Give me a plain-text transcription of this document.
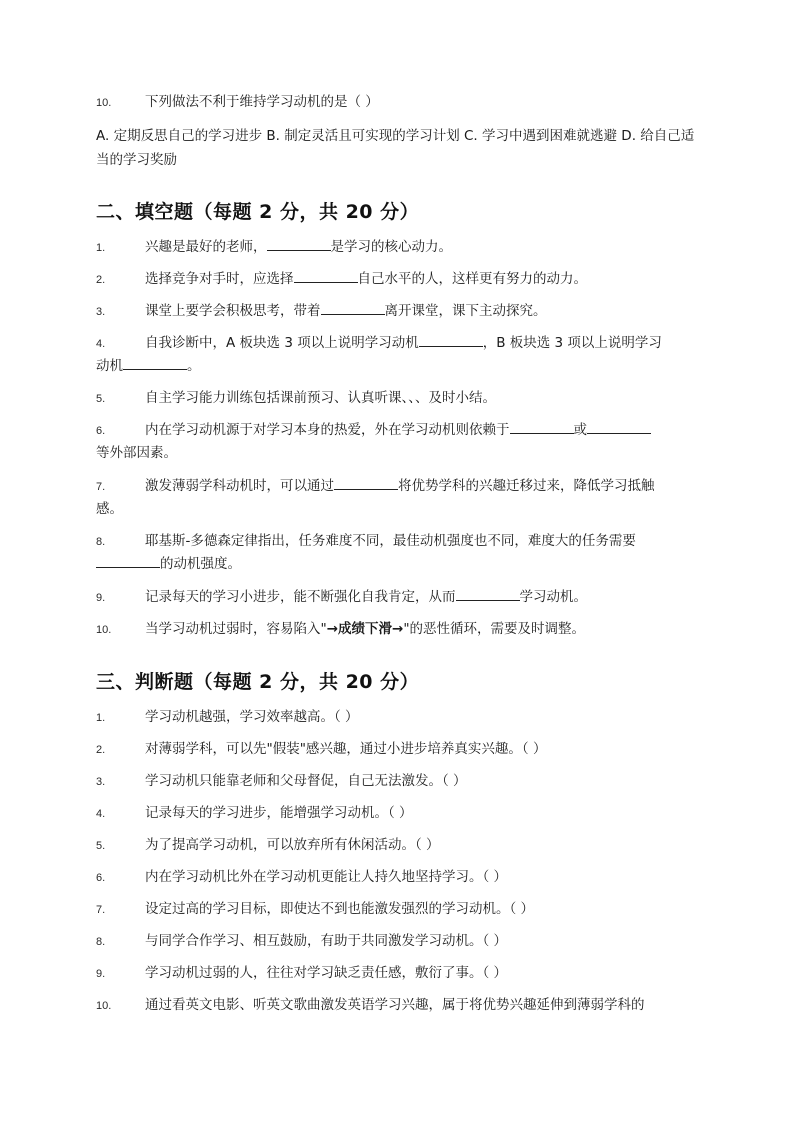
10. 下列做法不利于维持学习动机的是（ ）
A. 定期反思自己的学习进步 B. 制定灵活且可实现的学习计划 C. 学习中遇到困难就逃避 D. 给自己适当的学习奖励
二、填空题（每题 2 分，共 20 分）
1.	兴趣是最好的老师，	是学习的核心动力。
2.	选择竞争对手时，应选择	自己水平的人，这样更有努力的动力。
3.	课堂上要学会积极思考，带着	离开课堂，课下主动探究。
4.	自我诊断中，A 板块选 3 项以上说明学习动机	，B 板块选 3 项以上说明学习
动机	。
5.	自主学习能力训练包括课前预习、认真听课、、、及时小结。
6.	内在学习动机源于对学习本身的热爱，外在学习动机则依赖于	或
等外部因素。
7.	激发薄弱学科动机时，可以通过	将优势学科的兴趣迁移过来，降低学习抵触
感。
8.	耶基斯-多德森定律指出，任务难度不同，最佳动机强度也不同，难度大的任务需要
的动机强度。
9.	记录每天的学习小进步，能不断强化自我肯定，从而	学习动机。
10. 当学习动机过弱时，容易陷入"→成绩下滑→"的恶性循环，需要及时调整。
三、判断题（每题 2 分，共 20 分）
1.	学习动机越强，学习效率越高。（ ）
2.	对薄弱学科，可以先"假装"感兴趣，通过小进步培养真实兴趣。（ ）
3.	学习动机只能靠老师和父母督促，自己无法激发。（ ）
4.	记录每天的学习进步，能增强学习动机。（ ）
5.	为了提高学习动机，可以放弃所有休闲活动。（ ）
6.	内在学习动机比外在学习动机更能让人持久地坚持学习。（ ）
7.	设定过高的学习目标，即使达不到也能激发强烈的学习动机。（ ）
8.	与同学合作学习、相互鼓励，有助于共同激发学习动机。（ ）
9.	学习动机过弱的人，往往对学习缺乏责任感，敷衍了事。（ ）
10. 通过看英文电影、听英文歌曲激发英语学习兴趣，属于将优势兴趣延伸到薄弱学科的
